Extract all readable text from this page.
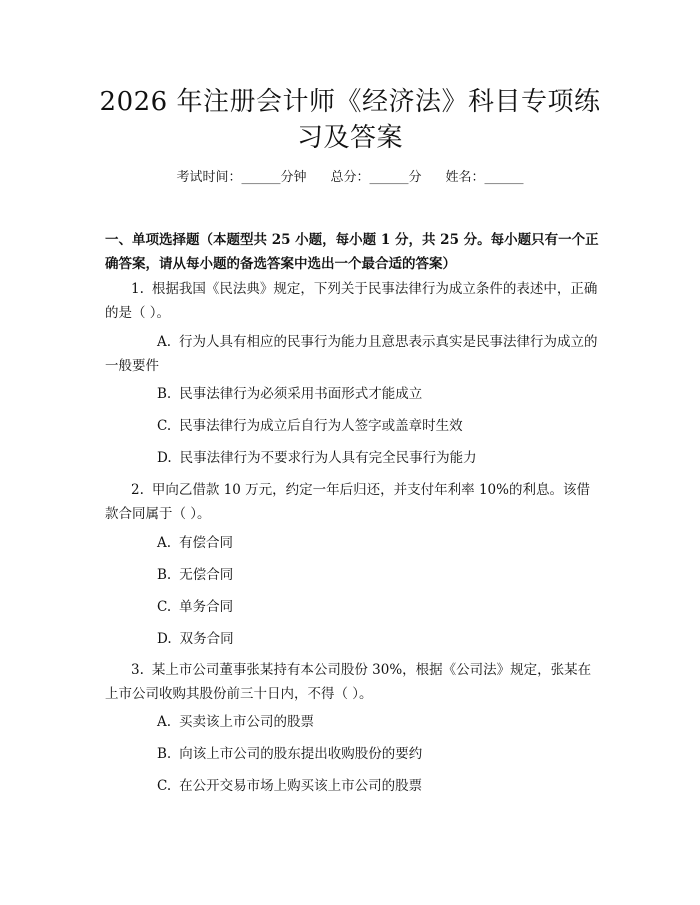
2026 年注册会计师《经济法》科目专项练习及答案
考试时间：______分钟 总分：______分 姓名：______
一、单项选择题（本题型共 25 小题，每小题 1 分，共 25 分。每小题只有一个正确答案，请从每小题的备选答案中选出一个最合适的答案）
1. 根据我国《民法典》规定，下列关于民事法律行为成立条件的表述中，正确的是（ ）。
A. 行为人具有相应的民事行为能力且意思表示真实是民事法律行为成立的一般要件
B. 民事法律行为必须采用书面形式才能成立
C. 民事法律行为成立后自行为人签字或盖章时生效
D. 民事法律行为不要求行为人具有完全民事行为能力
2. 甲向乙借款 10 万元，约定一年后归还，并支付年利率 10%的利息。该借款合同属于（ ）。
A. 有偿合同
B. 无偿合同
C. 单务合同
D. 双务合同
3. 某上市公司董事张某持有本公司股份 30%，根据《公司法》规定，张某在上市公司收购其股份前三十日内，不得（ ）。
A. 买卖该上市公司的股票
B. 向该上市公司的股东提出收购股份的要约
C. 在公开交易市场上购买该上市公司的股票
